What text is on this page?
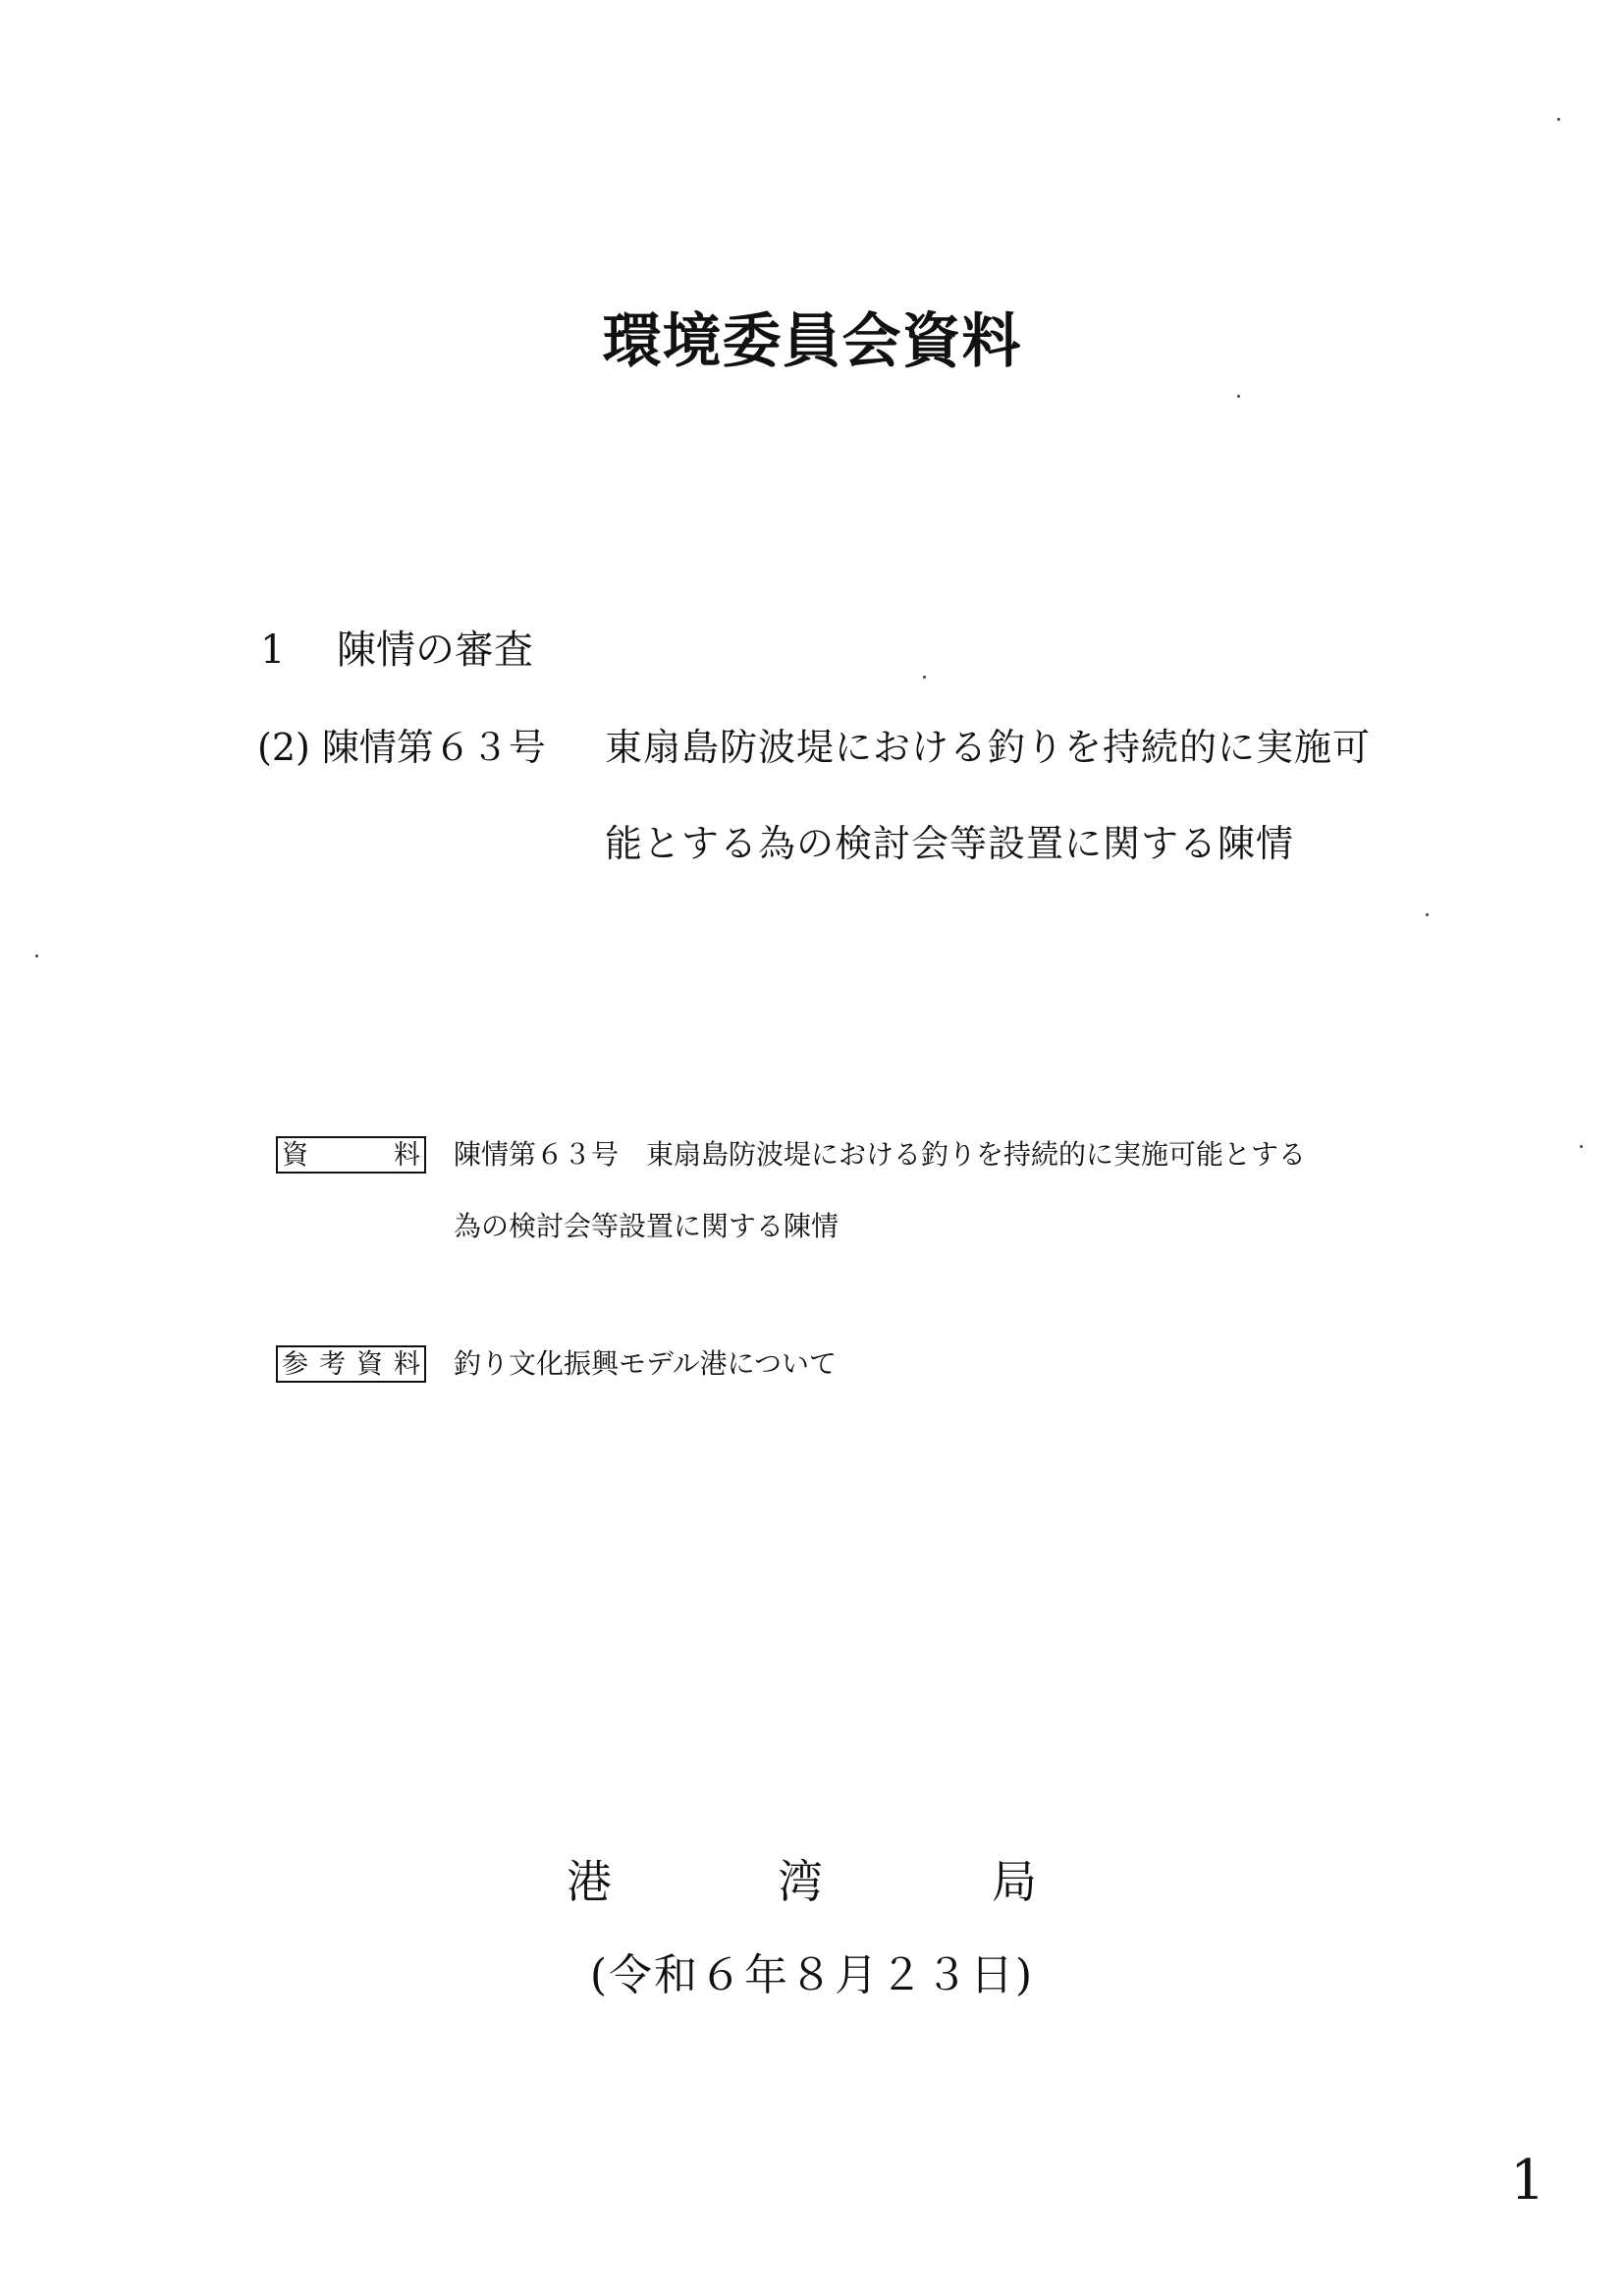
環境委員会資料
1 陳情の審査
(2) 陳情第６３号 東扇島防波堤における釣りを持続的に実施可
能とする為の検討会等設置に関する陳情
資	料 陳情第６３号　東扇島防波堤における釣りを持続的に実施可能とする
為の検討会等設置に関する陳情
参 考 資 料 釣り文化振興モデル港について
港	湾	局
(令和６年８月２３日)
1
